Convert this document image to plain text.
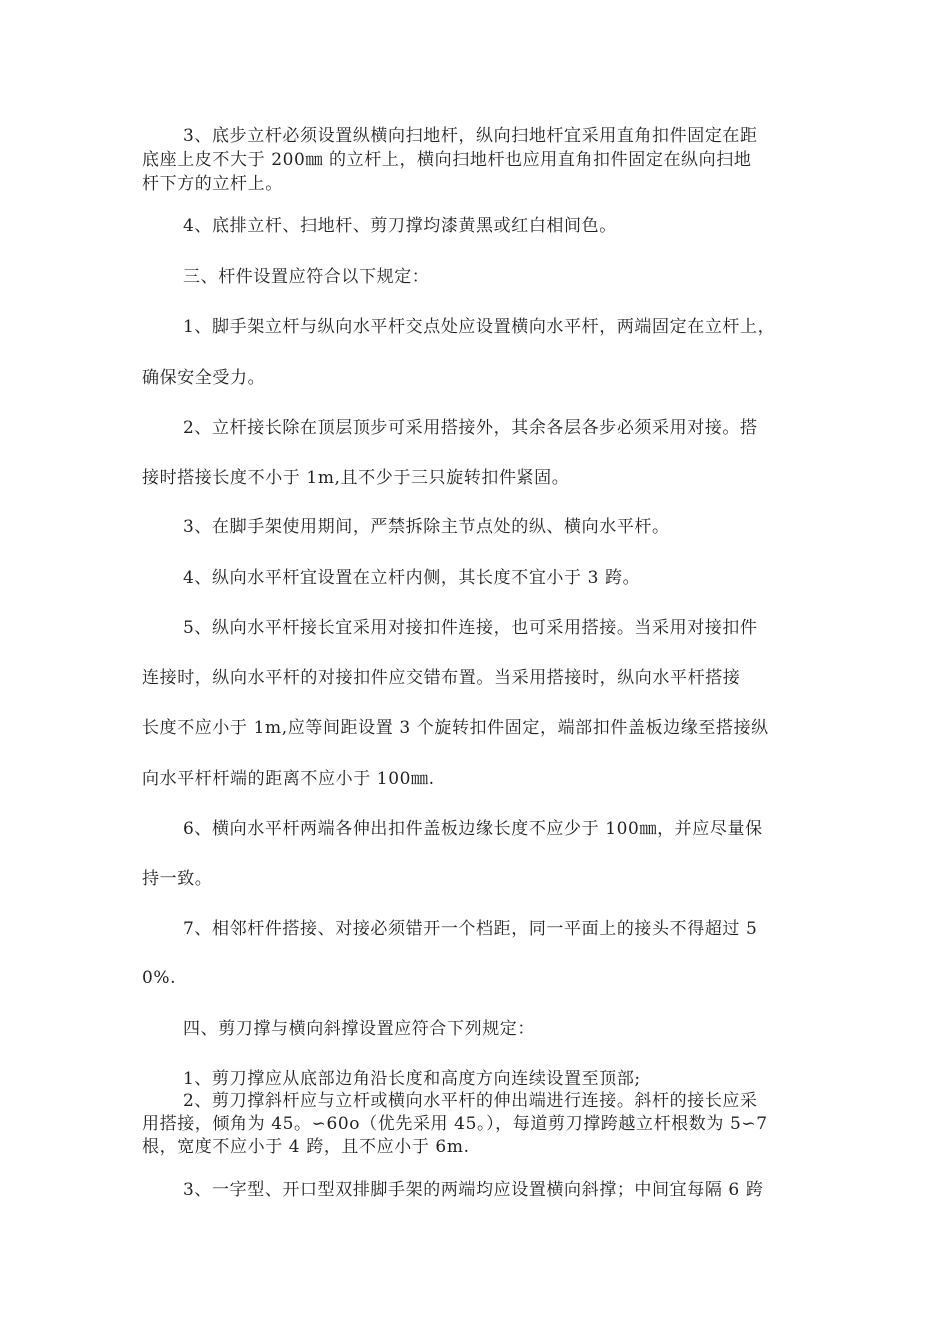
3、底步立杆必须设置纵横向扫地杆，纵向扫地杆宜采用直角扣件固定在距
底座上皮不大于 200㎜ 的立杆上，横向扫地杆也应用直角扣件固定在纵向扫地
杆下方的立杆上。
4、底排立杆、扫地杆、剪刀撑均漆黄黑或红白相间色。
三、杆件设置应符合以下规定：
1、脚手架立杆与纵向水平杆交点处应设置横向水平杆，两端固定在立杆上，
确保安全受力。
2、立杆接长除在顶层顶步可采用搭接外，其余各层各步必须采用对接。搭
接时搭接长度不小于 1m,且不少于三只旋转扣件紧固。
3、在脚手架使用期间，严禁拆除主节点处的纵、横向水平杆。
4、纵向水平杆宜设置在立杆内侧，其长度不宜小于 3 跨。
5、纵向水平杆接长宜采用对接扣件连接，也可采用搭接。当采用对接扣件
连接时，纵向水平杆的对接扣件应交错布置。当采用搭接时，纵向水平杆搭接
长度不应小于 1m,应等间距设置 3 个旋转扣件固定，端部扣件盖板边缘至搭接纵
向水平杆杆端的距离不应小于 100㎜.
6、横向水平杆两端各伸出扣件盖板边缘长度不应少于 100㎜，并应尽量保
持一致。
7、相邻杆件搭接、对接必须错开一个档距，同一平面上的接头不得超过 5
0%.
四、剪刀撑与横向斜撑设置应符合下列规定：
1、剪刀撑应从底部边角沿长度和高度方向连续设置至顶部;
2、剪刀撑斜杆应与立杆或横向水平杆的伸出端进行连接。斜杆的接长应采
用搭接，倾角为 45。∽60o（优先采用 45。），每道剪刀撑跨越立杆根数为 5∽7
根，宽度不应小于 4 跨，且不应小于 6m.
3、一字型、开口型双排脚手架的两端均应设置横向斜撑；中间宜每隔 6 跨
